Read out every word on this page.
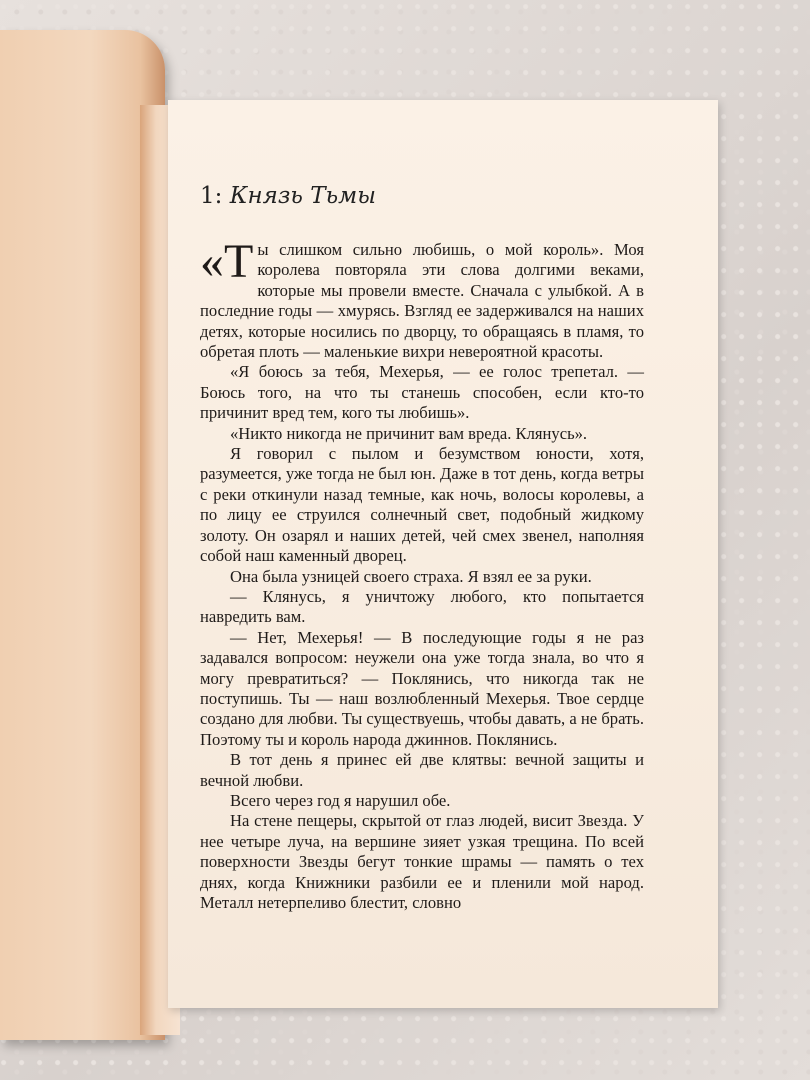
1: Князь Тьмы

«Ты слишком сильно любишь, о мой король». Моя королева повторяла эти слова долгими веками, которые мы провели вместе. Сначала с улыбкой. А в последние годы — хмурясь. Взгляд ее задерживался на наших детях, которые носились по дворцу, то обращаясь в пламя, то обретая плоть — маленькие вихри невероятной красоты.

«Я боюсь за тебя, Мехерья, — ее голос трепетал. — Боюсь того, на что ты станешь способен, если кто-то причинит вред тем, кого ты любишь».

«Никто никогда не причинит вам вреда. Клянусь».

Я говорил с пылом и безумством юности, хотя, разумеется, уже тогда не был юн. Даже в тот день, когда ветры с реки откинули назад темные, как ночь, волосы королевы, а по лицу ее струился солнечный свет, подобный жидкому золоту. Он озарял и наших детей, чей смех звенел, наполняя собой наш каменный дворец.

Она была узницей своего страха. Я взял ее за руки.

— Клянусь, я уничтожу любого, кто попытается навредить вам.

— Нет, Мехерья! — В последующие годы я не раз задавался вопросом: неужели она уже тогда знала, во что я могу превратиться? — Поклянись, что никогда так не поступишь. Ты — наш возлюбленный Мехерья. Твое сердце создано для любви. Ты существуешь, чтобы давать, а не брать. Поэтому ты и король народа джиннов. Поклянись.

В тот день я принес ей две клятвы: вечной защиты и вечной любви.

Всего через год я нарушил обе.

На стене пещеры, скрытой от глаз людей, висит Звезда. У нее четыре луча, на вершине зияет узкая трещина. По всей поверхности Звезды бегут тонкие шрамы — память о тех днях, когда Книжники разбили ее и пленили мой народ. Металл нетерпеливо блестит, словно
